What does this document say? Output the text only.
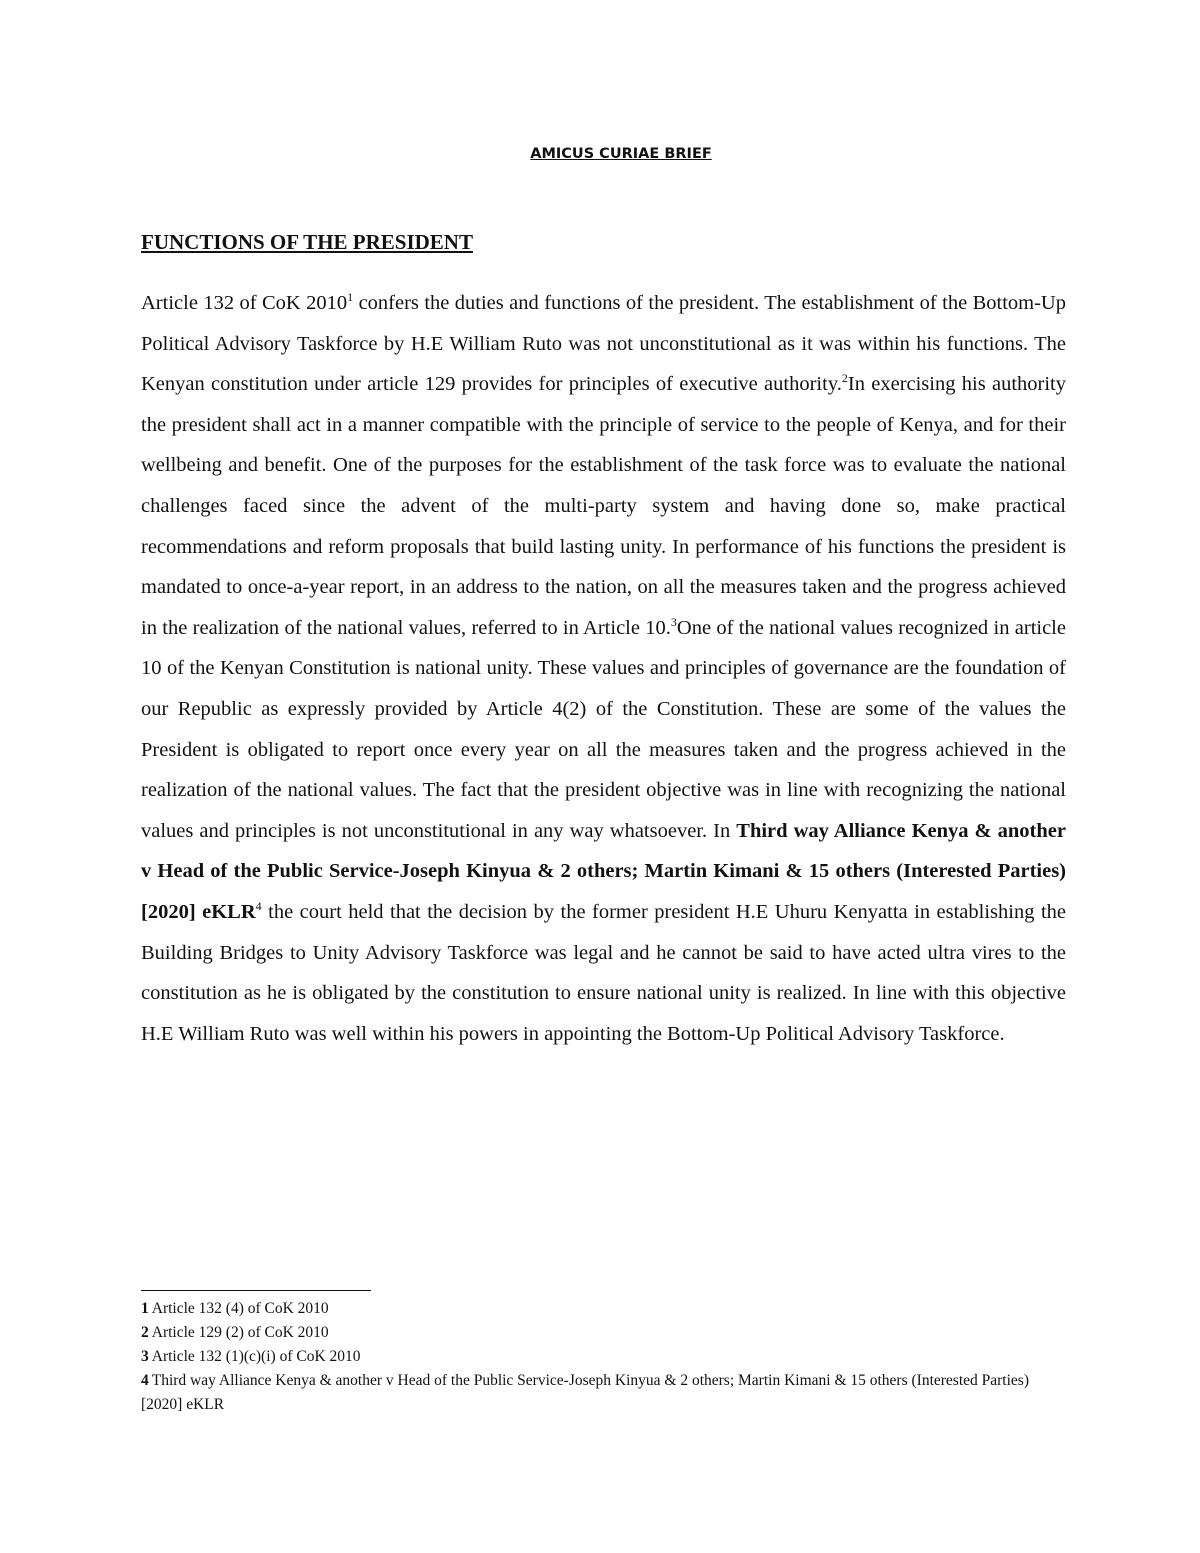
AMICUS CURIAE BRIEF
FUNCTIONS OF THE PRESIDENT
Article 132 of CoK 2010$^1$ confers the duties and functions of the president. The establishment of the Bottom-Up Political Advisory Taskforce by H.E William Ruto was not unconstitutional as it was within his functions. The Kenyan constitution under article 129 provides for principles of executive authority.$^2$In exercising his authority the president shall act in a manner compatible with the principle of service to the people of Kenya, and for their wellbeing and benefit. One of the purposes for the establishment of the task force was to evaluate the national challenges faced since the advent of the multi-party system and having done so, make practical recommendations and reform proposals that build lasting unity. In performance of his functions the president is mandated to once-a-year report, in an address to the nation, on all the measures taken and the progress achieved in the realization of the national values, referred to in Article 10.$^3$One of the national values recognized in article 10 of the Kenyan Constitution is national unity. These values and principles of governance are the foundation of our Republic as expressly provided by Article 4(2) of the Constitution. These are some of the values the President is obligated to report once every year on all the measures taken and the progress achieved in the realization of the national values. The fact that the president objective was in line with recognizing the national values and principles is not unconstitutional in any way whatsoever. In Third way Alliance Kenya & another v Head of the Public Service-Joseph Kinyua & 2 others; Martin Kimani & 15 others (Interested Parties) [2020] eKLR$^4$ the court held that the decision by the former president H.E Uhuru Kenyatta in establishing the Building Bridges to Unity Advisory Taskforce was legal and he cannot be said to have acted ultra vires to the constitution as he is obligated by the constitution to ensure national unity is realized. In line with this objective H.E William Ruto was well within his powers in appointing the Bottom-Up Political Advisory Taskforce.
1 Article 132 (4) of CoK 2010
2 Article 129 (2) of CoK 2010
3 Article 132 (1)(c)(i) of CoK 2010
4 Third way Alliance Kenya & another v Head of the Public Service-Joseph Kinyua & 2 others; Martin Kimani & 15 others (Interested Parties) [2020] eKLR
